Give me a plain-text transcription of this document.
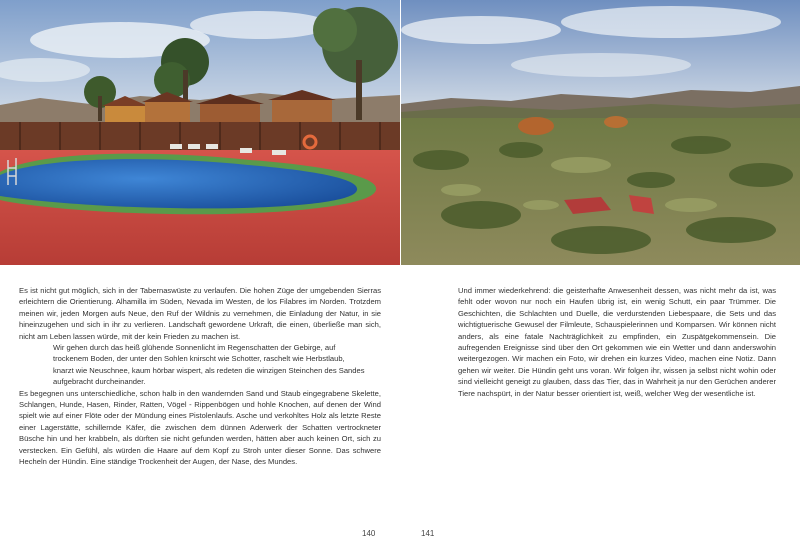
Es ist nicht gut möglich, sich in der Tabernaswüste zu verlaufen. Die hohen Züge der umgebenden Sierras erleichtern die Orientierung. Alhamilla im Süden, Nevada im Westen, de los Filabres im Norden. Trotzdem meinen wir, jeden Morgen aufs Neue, den Ruf der Wildnis zu vernehmen, die Einladung der Natur, in sie hineinzugehen und sich in ihr zu verlieren. Landschaft gewordene Urkraft, die einen, überließe man sich, nicht am Leben lassen würde, mit der kein Frieden zu machen ist.

Wir gehen durch das heiß glühende Sonnenlicht im Regenschatten der Gebirge, auf trockenem Boden, der unter den Sohlen knirscht wie Schotter, raschelt wie Herbstlaub, knarzt wie Neuschnee, kaum hörbar wispert, als redeten die winzigen Steinchen des Sandes aufgebracht durcheinander.

Es begegnen uns unterschiedliche, schon halb in den wandernden Sand und Staub eingegrabene Skelette, Schlangen, Hunde, Hasen, Rinder, Ratten, Vögel - Rippenbögen und hohle Knochen, auf denen der Wind spielt wie auf einer Flöte oder der Mündung eines Pistolenlaufs. Asche und verkohltes Holz als letzte Reste einer Lagerstätte, schillernde Käfer, die zwischen dem dünnen Aderwerk der Schatten vertrockneter Büsche hin und her krabbeln, als dürften sie nicht gefunden werden, hätten aber auch keinen Ort, sich zu verstecken. Ein Gefühl, als würden die Haare auf dem Kopf zu Stroh unter dieser Sonne. Das schwere Hecheln der Hündin. Eine ständige Trockenheit der Augen, der Nase, des Mundes.

Und immer wiederkehrend: die geisterhafte Anwesenheit dessen, was nicht mehr da ist, was fehlt oder wovon nur noch ein Haufen übrig ist, ein wenig Schutt, ein paar Trümmer. Die Geschichten, die Schlachten und Duelle, die verdurstenden Liebespaare, die Sets und das wichtigtuerische Gewusel der Filmleute, Schauspielerinnen und Komparsen. Wir können nicht anders, als eine fatale Nachträglichkeit zu empfinden, ein Zuspätgekommensein. Die aufregenden Ereignisse sind über den Ort gekommen wie ein Wetter und dann anderswohin weitergezogen. Wir machen ein Foto, wir drehen ein kurzes Video, machen eine Notiz. Dann gehen wir weiter. Die Hündin geht uns voran. Wir folgen ihr, wissen ja selbst nicht wohin oder sind vielleicht geneigt zu glauben, dass das Tier, das in Wahrheit ja nur den Gerüchen anderer Tiere nachspürt, in der Natur besser orientiert ist, weiß, welcher Weg der wesentliche ist.

140	141
